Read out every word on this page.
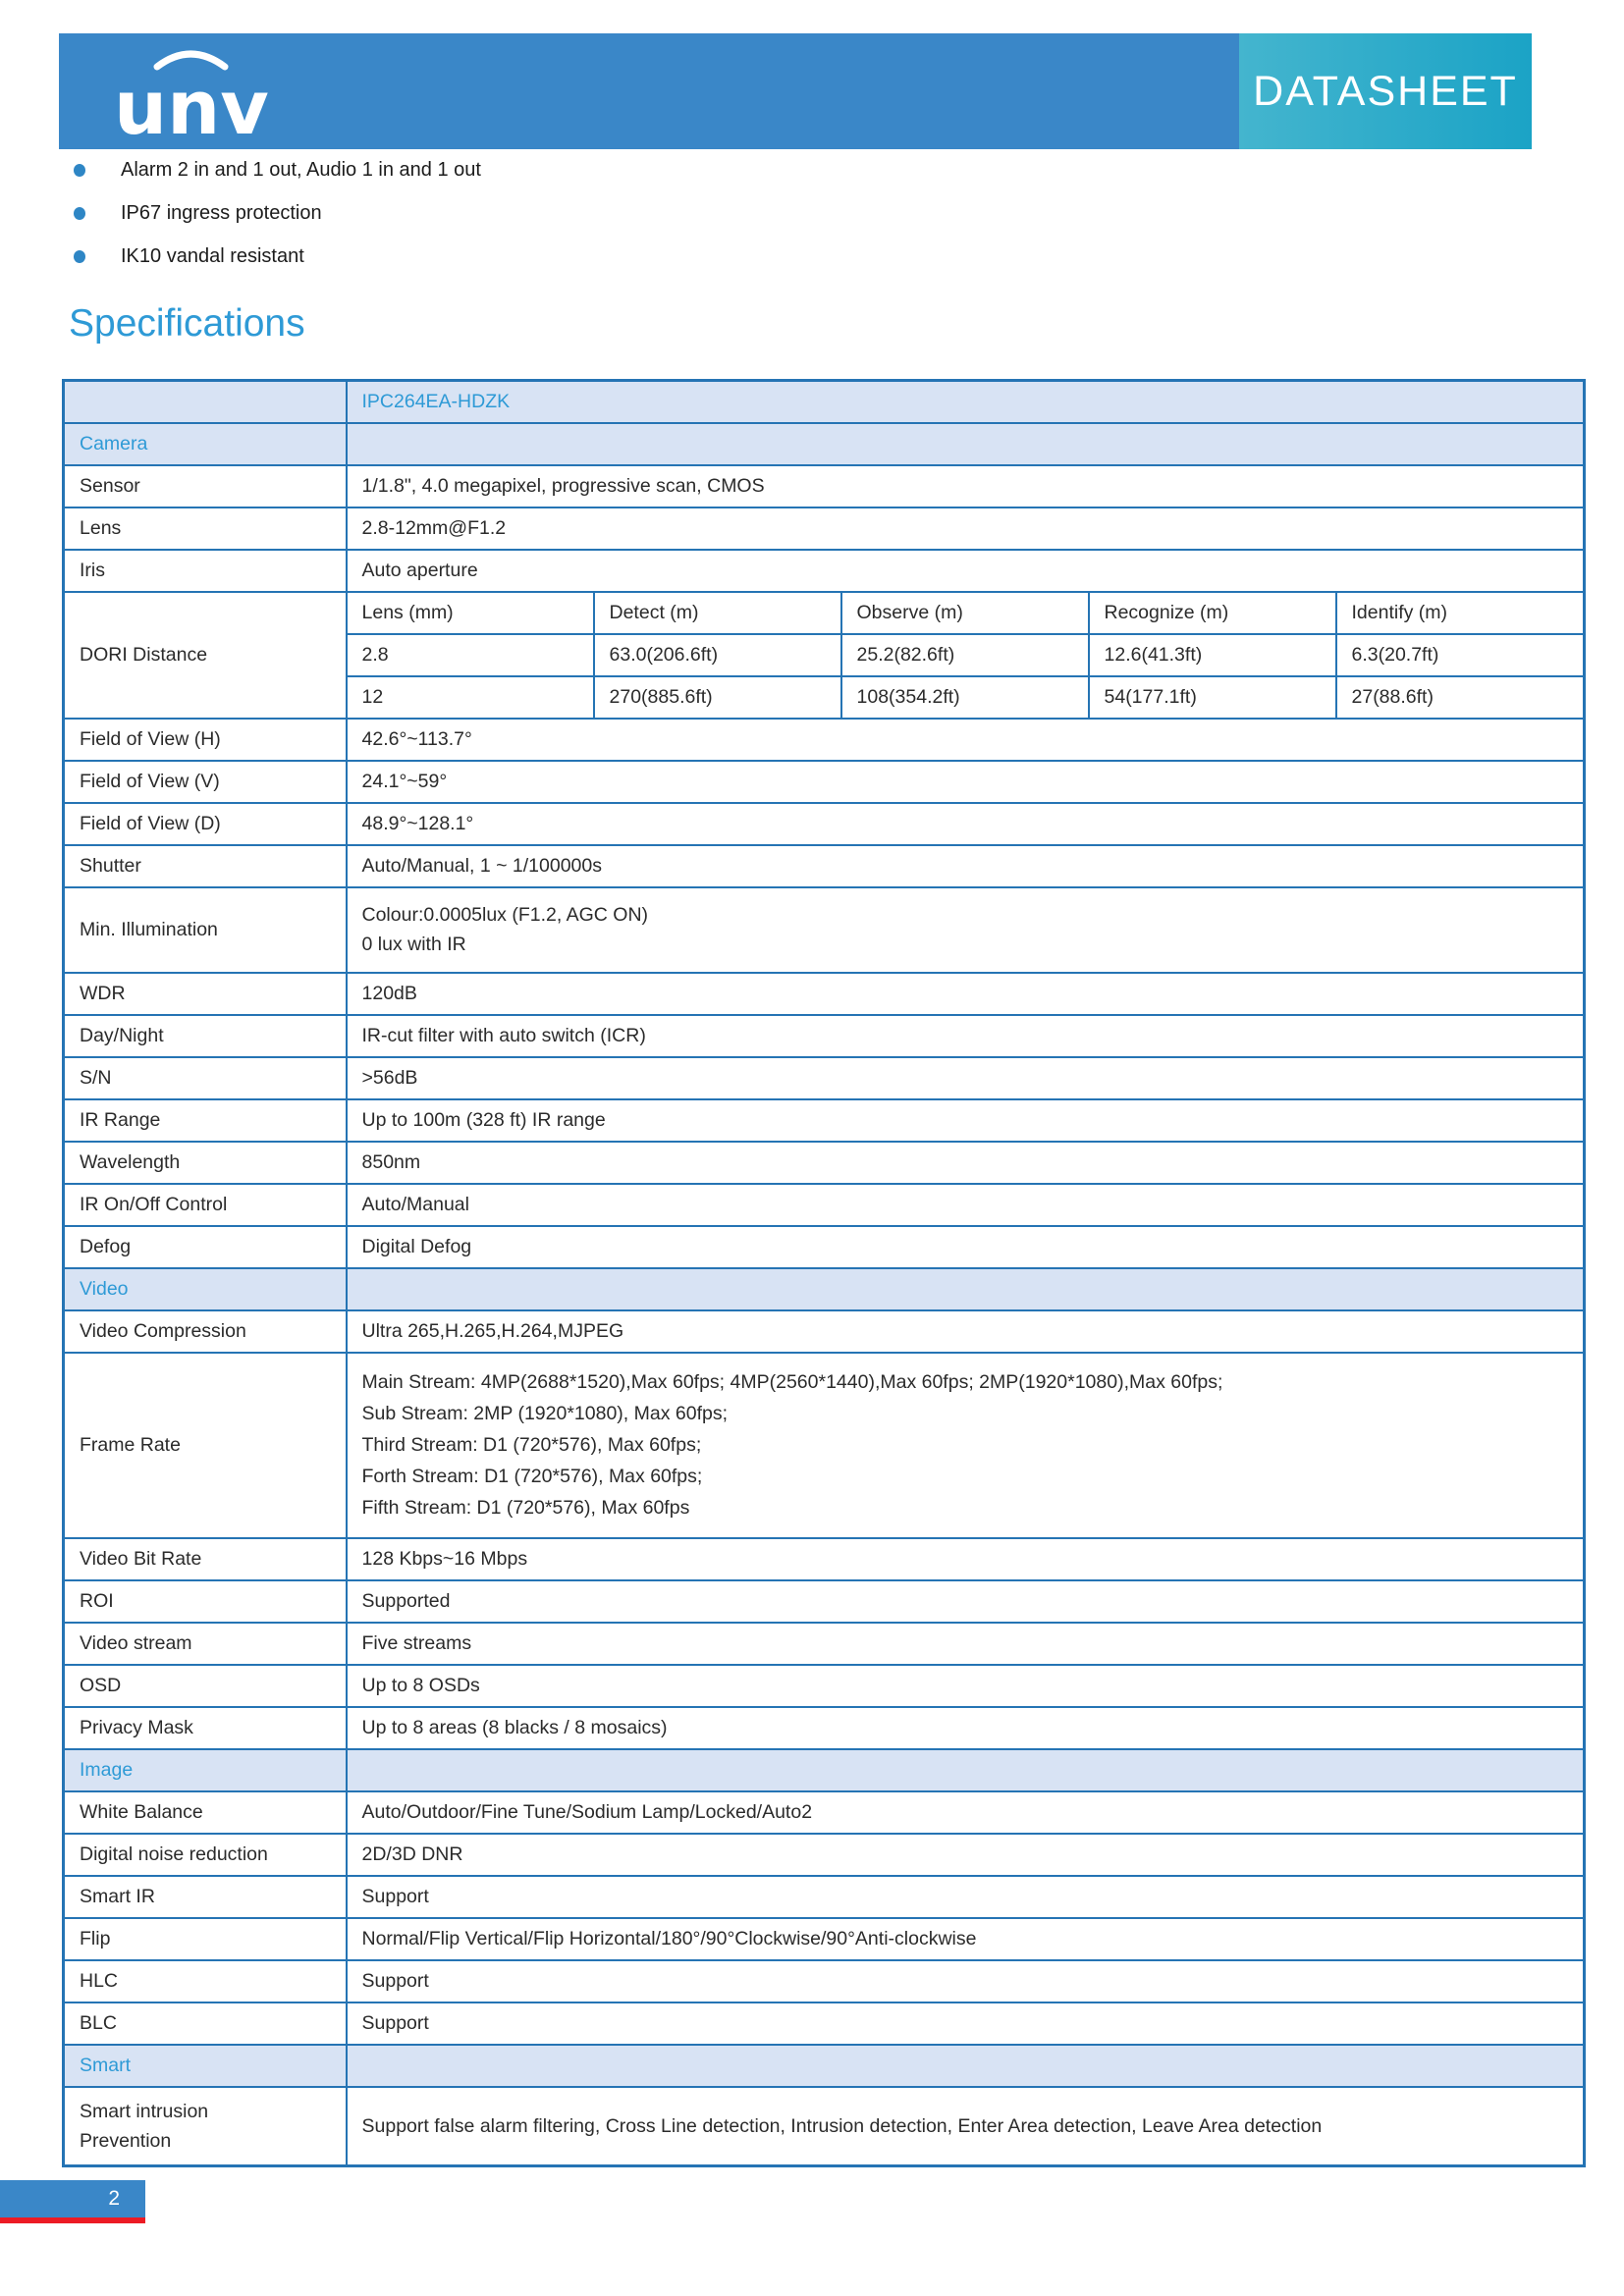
unv	DATASHEET
Alarm 2 in and 1 out, Audio 1 in and 1 out
IP67 ingress protection
IK10 vandal resistant
Specifications
	IPC264EA-HDZK				
Camera					
Sensor	1/1.8", 4.0 megapixel, progressive scan, CMOS				
Lens	2.8-12mm@F1.2				
Iris	Auto aperture				
DORI Distance	Lens (mm)	Detect (m)	Observe (m)	Recognize (m)	Identify (m)
	2.8	63.0(206.6ft)	25.2(82.6ft)	12.6(41.3ft)	6.3(20.7ft)
	12	270(885.6ft)	108(354.2ft)	54(177.1ft)	27(88.6ft)
Field of View (H)	42.6°~113.7°				
Field of View (V)	24.1°~59°				
Field of View (D)	48.9°~128.1°				
Shutter	Auto/Manual, 1 ~ 1/100000s				
Min. Illumination	Colour:0.0005lux (F1.2, AGC ON)
0 lux with IR				

WDR	120dB				
Day/Night	IR-cut filter with auto switch (ICR)				
S/N	>56dB				
IR Range	Up to 100m (328 ft) IR range				
Wavelength	850nm				
IR On/Off Control	Auto/Manual				
Defog	Digital Defog				
Video					
Video Compression	Ultra 265,H.265,H.264,MJPEG				
Frame Rate	Main Stream: 4MP(2688*1520),Max 60fps; 4MP(2560*1440),Max 60fps; 2MP(1920*1080),Max 60fps;
Sub Stream: 2MP (1920*1080), Max 60fps;
Third Stream: D1 (720*576), Max 60fps;
Forth Stream: D1 (720*576), Max 60fps;
Fifth Stream: D1 (720*576), Max 60fps				

Video Bit Rate	128 Kbps~16 Mbps				
ROI	Supported				
Video stream	Five streams				
OSD	Up to 8 OSDs				
Privacy Mask	Up to 8 areas (8 blacks / 8 mosaics)				
Image					
White Balance	Auto/Outdoor/Fine Tune/Sodium Lamp/Locked/Auto2				
Digital noise reduction	2D/3D DNR				
Smart IR	Support				
Flip	Normal/Flip Vertical/Flip Horizontal/180°/90°Clockwise/90°Anti-clockwise				
HLC	Support				
BLC	Support				
Smart					

Smart intrusion
Prevention	Support false alarm filtering, Cross Line detection, Intrusion detection, Enter Area detection, Leave Area detection				
2
